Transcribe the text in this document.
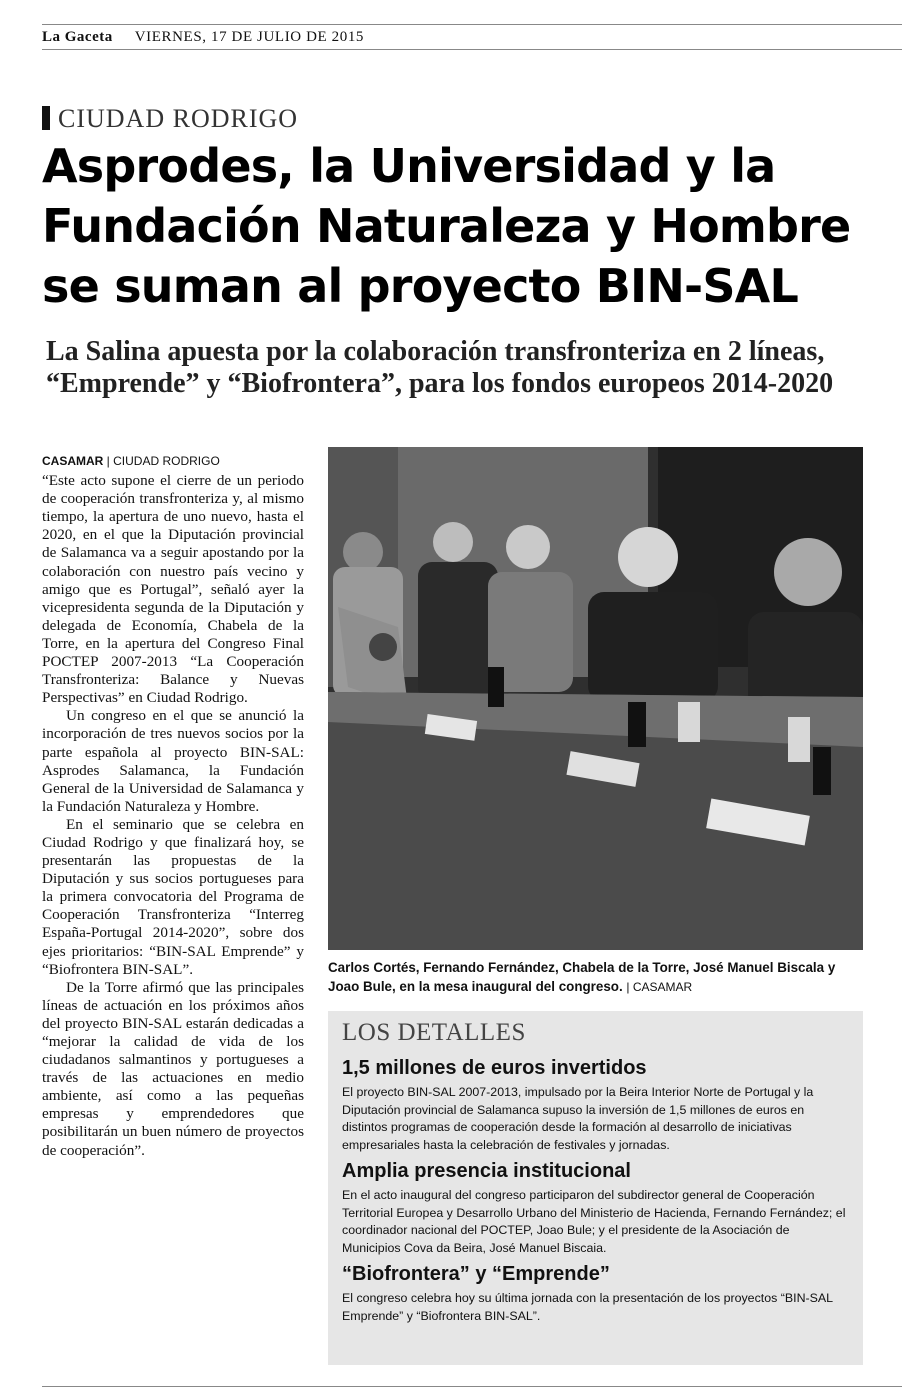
La Gaceta VIERNES, 17 DE JULIO DE 2015
CIUDAD RODRIGO
Asprodes, la Universidad y la Fundación Naturaleza y Hombre se suman al proyecto BIN-SAL
La Salina apuesta por la colaboración transfronteriza en 2 líneas, “Emprende” y “Biofrontera”, para los fondos europeos 2014-2020
CASAMAR | CIUDAD RODRIGO

“Este acto supone el cierre de un periodo de cooperación transfronteriza y, al mismo tiempo, la apertura de uno nuevo, hasta el 2020, en el que la Diputación provincial de Salamanca va a seguir apostando por la colaboración con nuestro país vecino y amigo que es Portugal”, señaló ayer la vicepresidenta segunda de la Diputación y delegada de Economía, Chabela de la Torre, en la apertura del Congreso Final POCTEP 2007-2013 “La Cooperación Transfronteriza: Balance y Nuevas Perspectivas” en Ciudad Rodrigo.

Un congreso en el que se anunció la incorporación de tres nuevos socios por la parte española al proyecto BIN-SAL: Asprodes Salamanca, la Fundación General de la Universidad de Salamanca y la Fundación Naturaleza y Hombre.

En el seminario que se celebra en Ciudad Rodrigo y que finalizará hoy, se presentarán las propuestas de la Diputación y sus socios portugueses para la primera convocatoria del Programa de Cooperación Transfronteriza “Interreg España-Portugal 2014-2020”, sobre dos ejes prioritarios: “BIN-SAL Emprende” y “Biofrontera BIN-SAL”.

De la Torre afirmó que las principales líneas de actuación en los próximos años del proyecto BIN-SAL estarán dedicadas a “mejorar la calidad de vida de los ciudadanos salmantinos y portugueses a través de las actuaciones en medio ambiente, así como a las pequeñas empresas y emprendedores que posibilitarán un buen número de proyectos de cooperación”.

Carlos Cortés, Fernando Fernández, Chabela de la Torre, José Manuel Biscala y Joao Bule, en la mesa inaugural del congreso. | CASAMAR

LOS DETALLES
1,5 millones de euros invertidos

El proyecto BIN-SAL 2007-2013, impulsado por la Beira Interior Norte de Portugal y la Diputación provincial de Salamanca supuso la inversión de 1,5 millones de euros en distintos programas de cooperación desde la formación al desarrollo de iniciativas empresariales hasta la celebración de festivales y jornadas.

Amplia presencia institucional

En el acto inaugural del congreso participaron del subdirector general de Cooperación Territorial Europea y Desarrollo Urbano del Ministerio de Hacienda, Fernando Fernández; el coordinador nacional del POCTEP, Joao Bule; y el presidente de la Asociación de Municipios Cova da Beira, José Manuel Biscaia.

“Biofrontera” y “Emprende”

El congreso celebra hoy su última jornada con la presentación de los proyectos “BIN-SAL Emprende” y “Biofrontera BIN-SAL”.
